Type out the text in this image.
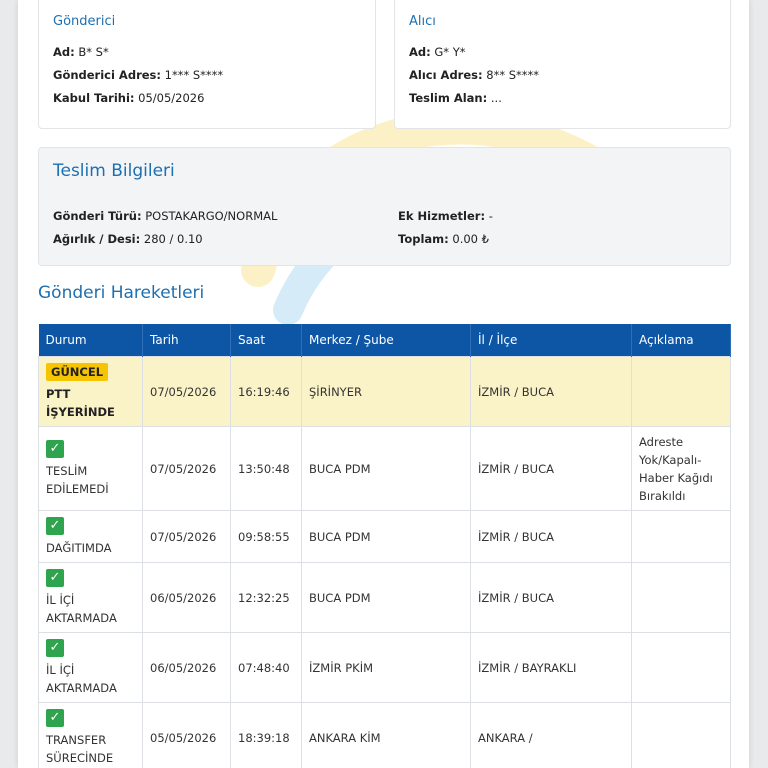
Gönderici
Ad: B* S*
Gönderici Adres: 1*** S****
Kabul Tarihi: 05/05/2026
Alıcı
Ad: G* Y*
Alıcı Adres: 8** S****
Teslim Alan: ...
Teslim Bilgileri
Gönderi Türü: POSTAKARGO/NORMAL
Ağırlık / Desi: 280 / 0.10
Ek Hizmetler: -
Toplam: 0.00 ₺
Gönderi Hareketleri
Durum	Tarih	Saat	Merkez / Şube	İl / İlçe	Açıklama
GÜNCEL
PTT İŞYERİNDE	07/05/2026	16:19:46	ŞİRİNYER	İZMİR / BUCA	
✓
TESLİM EDİLEMEDİ	07/05/2026	13:50:48	BUCA PDM	İZMİR / BUCA	Adreste Yok/Kapalı-Haber Kağıdı Bırakıldı
✓
DAĞITIMDA	07/05/2026	09:58:55	BUCA PDM	İZMİR / BUCA	
✓
İL İÇİ AKTARMADA	06/05/2026	12:32:25	BUCA PDM	İZMİR / BUCA	
✓
İL İÇİ AKTARMADA	06/05/2026	07:48:40	İZMİR PKİM	İZMİR / BAYRAKLI	
✓
TRANSFER SÜRECİNDE	05/05/2026	18:39:18	ANKARA KİM	ANKARA /	
